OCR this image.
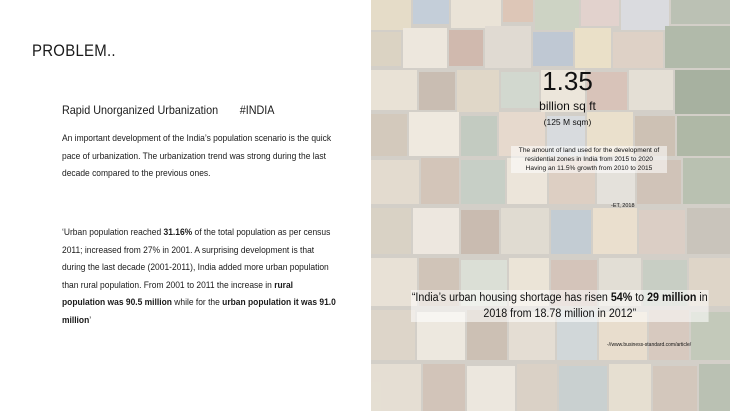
PROBLEM..
Rapid Unorganized Urbanization #INDIA
An important development of the India’s population scenario is the quick pace of urbanization. The urbanization trend was strong during the last decade compared to the previous ones.
‘Urban population reached 31.16% of the total population as per census 2011; increased from 27% in 2001. A surprising development is that during the last decade (2001-2011), India added more urban population than rural population. From 2001 to 2011 the increase in rural population was 90.5 million while for the urban population it was 91.0 million’
1.35
billion sq ft
(125 M sqm)
The amount of land used for the development of residential zones in India from 2015 to 2020
Having an 11.5% growth from 2010 to 2015
-ET, 2018
“India’s urban housing shortage has risen 54% to 29 million in 2018 from 18.78 million in 2012”
-//www.business-standard.com/article/
